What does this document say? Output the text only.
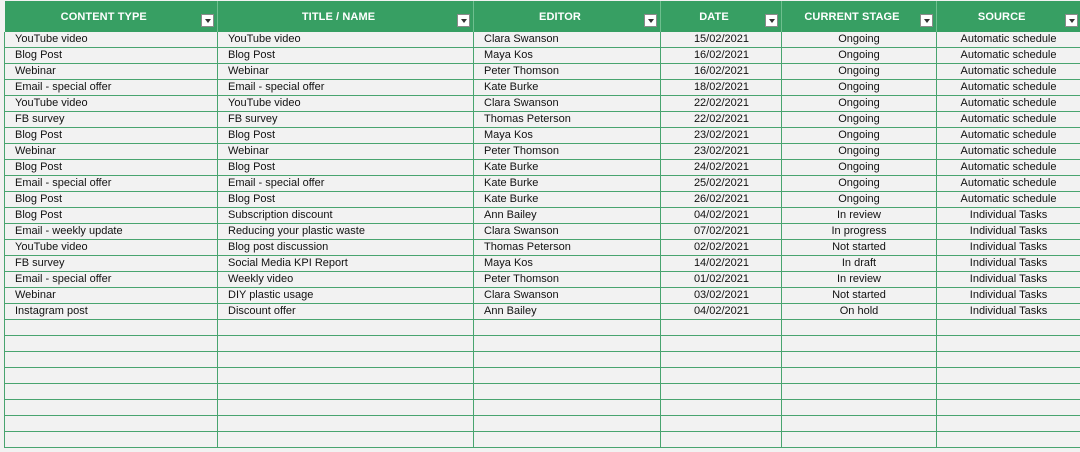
CONTENT TYPE	TITLE / NAME	EDITOR	DATE	CURRENT STAGE	SOURCE

YouTube video	YouTube video	Clara Swanson	15/02/2021	Ongoing	Automatic schedule
Blog Post	Blog Post	Maya Kos	16/02/2021	Ongoing	Automatic schedule
Webinar	Webinar	Peter Thomson	16/02/2021	Ongoing	Automatic schedule
Email - special offer	Email - special offer	Kate Burke	18/02/2021	Ongoing	Automatic schedule
YouTube video	YouTube video	Clara Swanson	22/02/2021	Ongoing	Automatic schedule
FB survey	FB survey	Thomas Peterson	22/02/2021	Ongoing	Automatic schedule
Blog Post	Blog Post	Maya Kos	23/02/2021	Ongoing	Automatic schedule
Webinar	Webinar	Peter Thomson	23/02/2021	Ongoing	Automatic schedule
Blog Post	Blog Post	Kate Burke	24/02/2021	Ongoing	Automatic schedule
Email - special offer	Email - special offer	Kate Burke	25/02/2021	Ongoing	Automatic schedule
Blog Post	Blog Post	Kate Burke	26/02/2021	Ongoing	Automatic schedule
Blog Post	Subscription discount	Ann Bailey	04/02/2021	In review	Individual Tasks
Email - weekly update	Reducing your plastic waste	Clara Swanson	07/02/2021	In progress	Individual Tasks
YouTube video	Blog post discussion	Thomas Peterson	02/02/2021	Not started	Individual Tasks
FB survey	Social Media KPI Report	Maya Kos	14/02/2021	In draft	Individual Tasks
Email - special offer	Weekly video	Peter Thomson	01/02/2021	In review	Individual Tasks
Webinar	DIY plastic usage	Clara Swanson	03/02/2021	Not started	Individual Tasks
Instagram post	Discount offer	Ann Bailey	04/02/2021	On hold	Individual Tasks
